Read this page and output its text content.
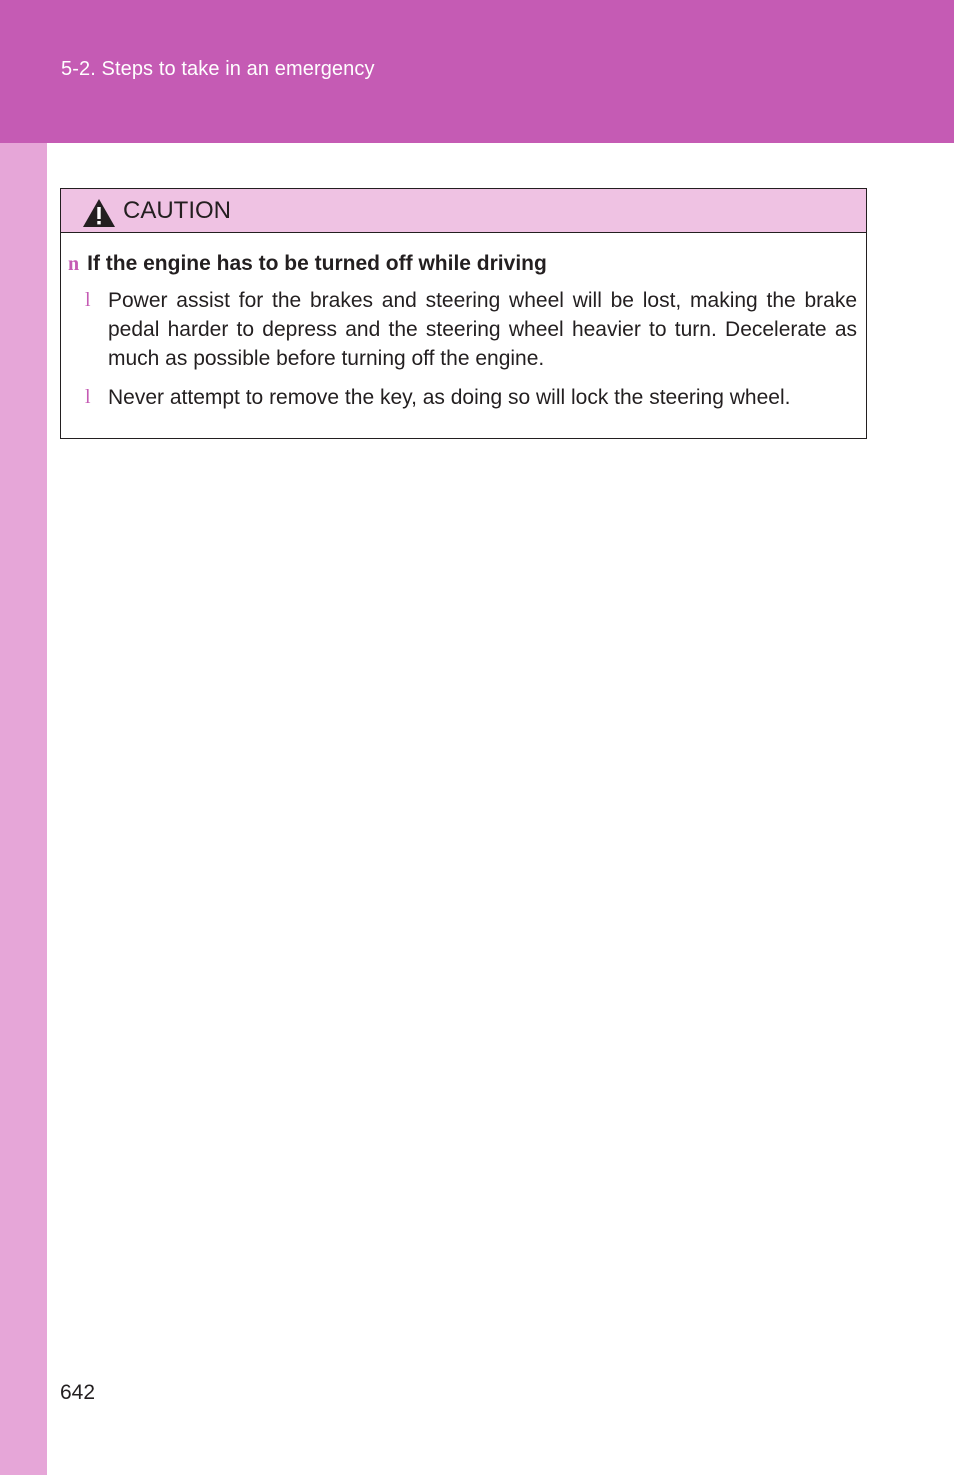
5-2. Steps to take in an emergency
CAUTION
n If the engine has to be turned off while driving
l Power assist for the brakes and steering wheel will be lost, making the brake pedal harder to depress and the steering wheel heavier to turn. Decelerate as much as possible before turning off the engine.
l Never attempt to remove the key, as doing so will lock the steering wheel.
642
